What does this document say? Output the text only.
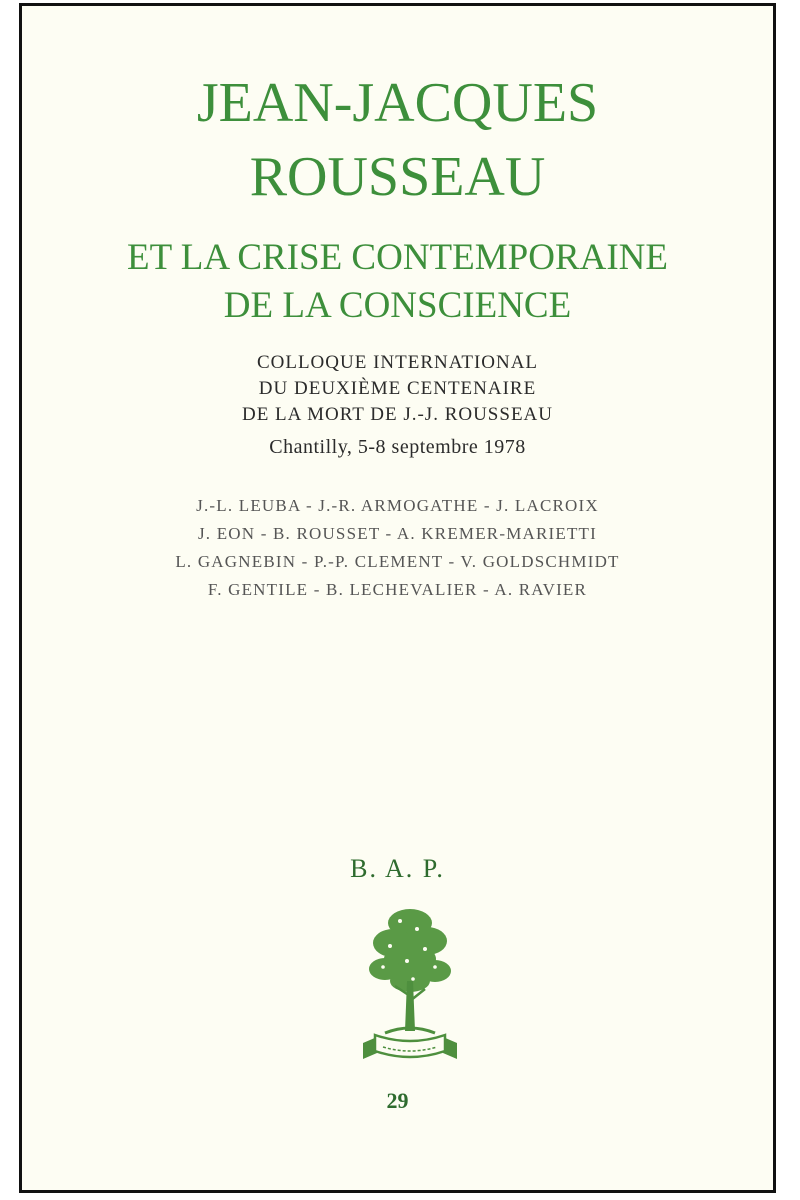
JEAN-JACQUES
ROUSSEAU
ET LA CRISE CONTEMPORAINE
DE LA CONSCIENCE
COLLOQUE INTERNATIONAL
DU DEUXIÈME CENTENAIRE
DE LA MORT DE J.-J. ROUSSEAU
Chantilly, 5-8 septembre 1978
J.-L. LEUBA - J.-R. ARMOGATHE - J. LACROIX
J. EON - B. ROUSSET - A. KREMER-MARIETTI
L. GAGNEBIN - P.-P. CLEMENT - V. GOLDSCHMIDT
F. GENTILE - B. LECHEVALIER - A. RAVIER
B. A. P.
29
